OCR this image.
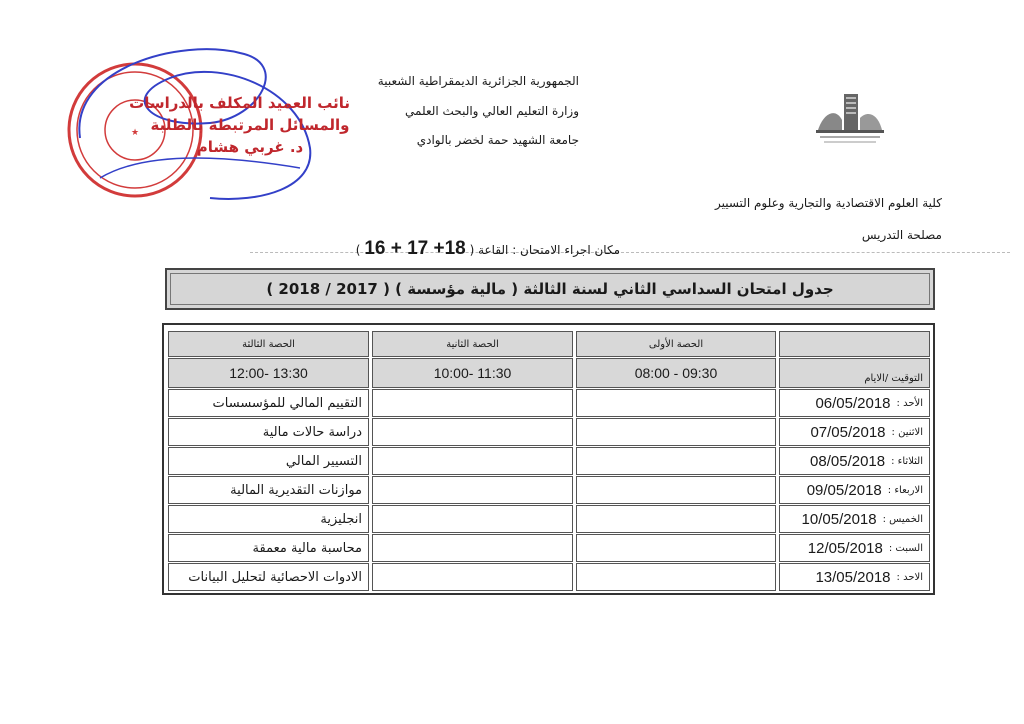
★
نائب العميد المكلف بالدراسات
والمسائل المرتبطة بالطلبة
د. غربي هشام
الجمهورية الجزائرية الديمقراطية الشعبية
وزارة التعليم العالي والبحث العلمي
جامعة الشهيد حمة لخضر بالوادي
كلية العلوم الاقتصادية والتجارية وعلوم التسيير
مصلحة التدريس
مكان اجراء الامتحان : القاعة ( 16 + 17 +18 )
جدول امتحان السداسي الثاني لسنة الثالثة ( مالية مؤسسة ) ( 2017 / 2018 )
الحصة الأولى
الحصة الثانية
الحصة الثالثة
التوقيت /الايام
08:00 - 09:30
10:00- 11:30
12:00- 13:30
الأحد :
06/05/2018
التقييم المالي للمؤسسسات
الاثنين :
07/05/2018
دراسة حالات مالية
الثلاثاء :
08/05/2018
التسيير المالي
الاربعاء :
09/05/2018
موازنات التقديرية المالية
الخميس :
10/05/2018
انجليزية
السبت :
12/05/2018
محاسبة مالية معمقة
الاحد :
13/05/2018
الادوات الاحصائية لتحليل البيانات
